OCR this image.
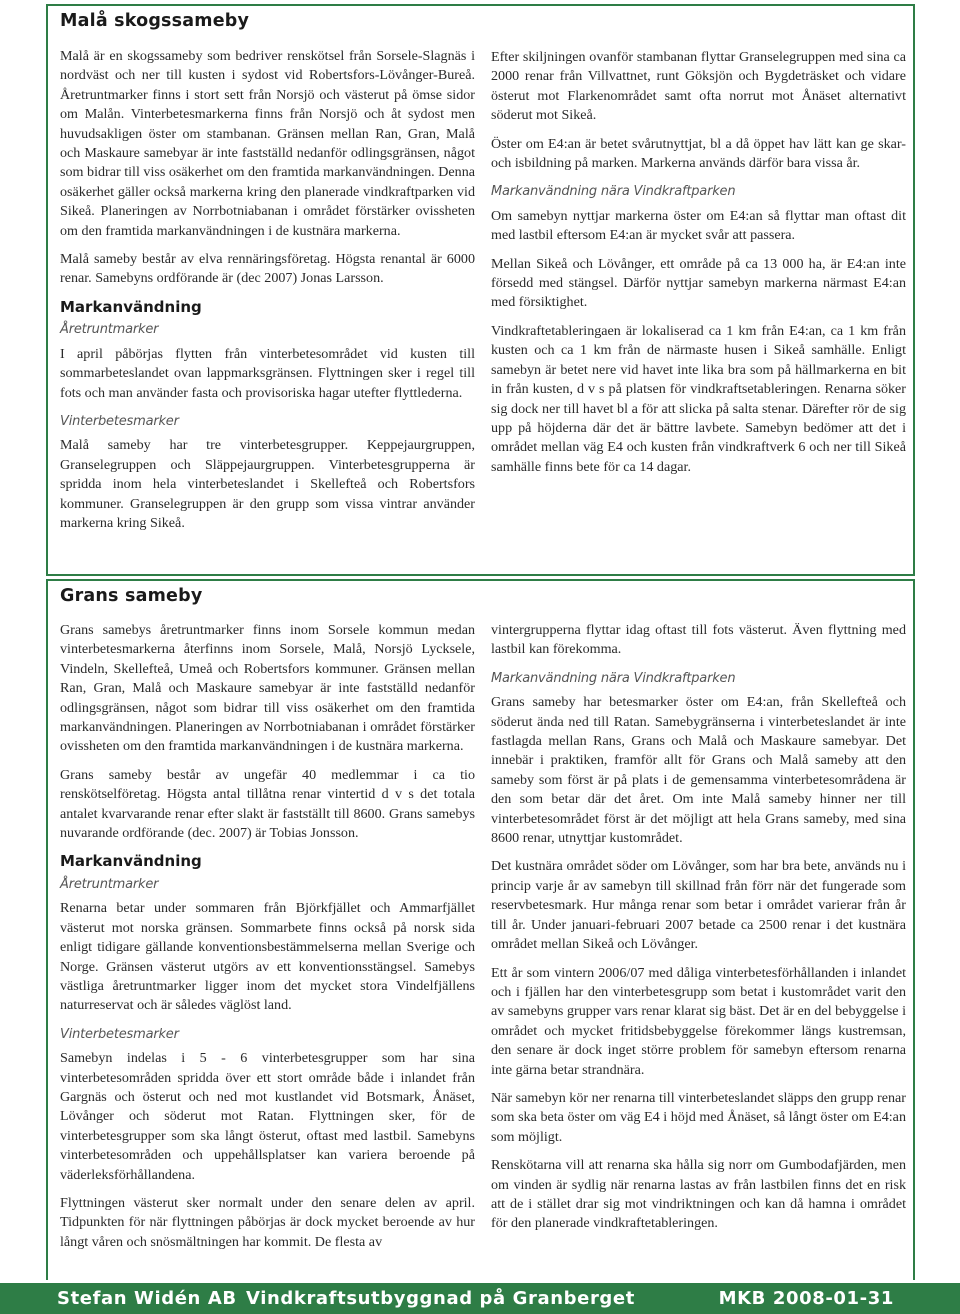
Malå skogssameby

Malå är en skogssameby som bedriver renskötsel från Sorsele-Slagnäs i nordväst och ner till kusten i sydost vid Robertsfors-Lövånger-Bureå. Åretruntmarker finns i stort sett från Norsjö och västerut på ömse sidor om Malån. Vinterbetesmarkerna finns från Norsjö och åt sydost men huvudsakligen öster om stambanan. Gränsen mellan Ran, Gran, Malå och Maskaure samebyar är inte fastställd nedanför odlingsgränsen, något som bidrar till viss osäkerhet om den framtida markanvändningen. Denna osäkerhet gäller också markerna kring den planerade vindkraftparken vid Sikeå. Planeringen av Norrbotniabanan i området förstärker ovissheten om den framtida markanvändningen i de kustnära markerna.

Malå sameby består av elva rennäringsföretag. Högsta renantal är 6000 renar. Samebyns ordförande är (dec 2007) Jonas Larsson.

Markanvändning
Åretruntmarker

I april påbörjas flytten från vinterbetesområdet vid kusten till sommarbeteslandet ovan lappmarksgränsen. Flyttningen sker i regel till fots och man använder fasta och provisoriska hagar utefter flyttlederna.

Vinterbetesmarker

Malå sameby har tre vinterbetesgrupper. Keppejaurgruppen, Granselegruppen och Släppejaurgruppen. Vinterbetesgrupperna är spridda inom hela vinterbeteslandet i Skellefteå och Robertsfors kommuner. Granselegruppen är den grupp som vissa vintrar använder markerna kring Sikeå.

Efter skiljningen ovanför stambanan flyttar Granselegruppen med sina ca 2000 renar från Villvattnet, runt Göksjön och Bygdeträsket och vidare österut mot Flarkenområdet samt ofta norrut mot Ånäset alternativt söderut mot Sikeå.

Öster om E4:an är betet svårutnyttjat, bl a då öppet hav lätt kan ge skar- och isbildning på marken. Markerna används därför bara vissa år.

Markanvändning nära Vindkraftparken

Om samebyn nyttjar markerna öster om E4:an så flyttar man oftast dit med lastbil eftersom E4:an är mycket svår att passera.

Mellan Sikeå och Lövånger, ett område på ca 13 000 ha, är E4:an inte försedd med stängsel. Därför nyttjar samebyn markerna närmast E4:an med försiktighet.

Vindkraftetableringaen är lokaliserad ca 1 km från E4:an, ca 1 km från kusten och ca 1 km från de närmaste husen i Sikeå samhälle. Enligt samebyn är betet nere vid havet inte lika bra som på hällmarkerna en bit in från kusten, d v s på platsen för vindkraftsetableringen. Renarna söker sig dock ner till havet bl a för att slicka på salta stenar. Därefter rör de sig upp på höjderna där det är bättre lavbete. Samebyn bedömer att det i området mellan väg E4 och kusten från vindkraftverk 6 och ner till Sikeå samhälle finns bete för ca 14 dagar.

Grans sameby

Grans samebys åretruntmarker finns inom Sorsele kommun medan vinterbetesmarkerna återfinns inom Sorsele, Malå, Norsjö Lycksele, Vindeln, Skellefteå, Umeå och Robertsfors kommuner. Gränsen mellan Ran, Gran, Malå och Maskaure samebyar är inte fastställd nedanför odlingsgränsen, något som bidrar till viss osäkerhet om den framtida markanvändningen. Planeringen av Norrbotniabanan i området förstärker ovissheten om den framtida markanvändningen i de kustnära markerna.

Grans sameby består av ungefär 40 medlemmar i ca tio renskötselföretag. Högsta antal tillåtna renar vintertid d v s det totala antalet kvarvarande renar efter slakt är fastställt till 8600. Grans samebys nuvarande ordförande (dec. 2007) är Tobias Jonsson.

Markanvändning
Åretruntmarker

Renarna betar under sommaren från Björkfjället och Ammarfjället västerut mot norska gränsen. Sommarbete finns också på norsk sida enligt tidigare gällande konventionsbestämmelserna mellan Sverige och Norge. Gränsen västerut utgörs av ett konventionsstängsel. Samebys västliga åretruntmarker ligger inom det mycket stora Vindelfjällens naturreservat och är således väglöst land.

Vinterbetesmarker

Samebyn indelas i 5 - 6 vinterbetesgrupper som har sina vinterbetesområden spridda över ett stort område både i inlandet från Gargnäs och österut och ned mot kustlandet vid Botsmark, Ånäset, Lövånger och söderut mot Ratan. Flyttningen sker, för de vinterbetesgrupper som ska långt österut, oftast med lastbil. Samebyns vinterbetesområden och uppehållsplatser kan variera beroende på väderleksförhållandena.

Flyttningen västerut sker normalt under den senare delen av april. Tidpunkten för när flyttningen påbörjas är dock mycket beroende av hur långt våren och snösmältningen har kommit. De flesta av

vintergrupperna flyttar idag oftast till fots västerut. Även flyttning med lastbil kan förekomma.

Markanvändning nära Vindkraftparken

Grans sameby har betesmarker öster om E4:an, från Skellefteå och söderut ända ned till Ratan. Samebygränserna i vinterbeteslandet är inte fastlagda mellan Rans, Grans och Malå och Maskaure samebyar. Det innebär i praktiken, framför allt för Grans och Malå sameby att den sameby som först är på plats i de gemensamma vinterbetesområdena är den som betar där det året. Om inte Malå sameby hinner ner till vinterbetesområdet först är det möjligt att hela Grans sameby, med sina 8600 renar, utnyttjar kustområdet.

Det kustnära området söder om Lövånger, som har bra bete, används nu i princip varje år av samebyn till skillnad från förr när det fungerade som reservbetesmark. Hur många renar som betar i området varierar från år till år. Under januari-februari 2007 betade ca 2500 renar i det kustnära området mellan Sikeå och Lövånger.

Ett år som vintern 2006/07 med dåliga vinterbetesförhållanden i inlandet och i fjällen har den vinterbetesgrupp som betat i kustområdet varit den av samebyns grupper vars renar klarat sig bäst. Det är en del bebyggelse i området och mycket fritidsbebyggelse förekommer längs kustremsan, den senare är dock inget större problem för samebyn eftersom renarna inte gärna betar strandnära.

När samebyn kör ner renarna till vinterbeteslandet släpps den grupp renar som ska beta öster om väg E4 i höjd med Ånäset, så långt öster om E4:an som möjligt.

Renskötarna vill att renarna ska hålla sig norr om Gumbodafjärden, men om vinden är sydlig när renarna lastas av från lastbilen finns det en risk att de i stället drar sig mot vindriktningen och kan då hamna i området för den planerade vindkraftetableringen.

Stefan Widén AB Vindkraftsutbyggnad på Granberget	MKB 2008-01-31
